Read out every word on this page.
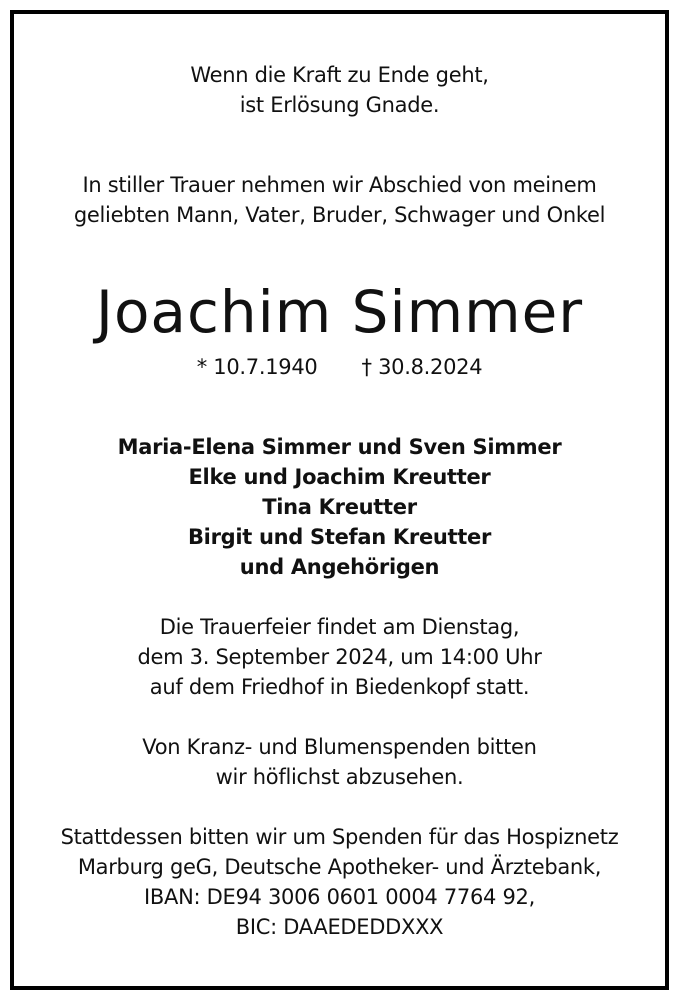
Wenn die Kraft zu Ende geht,
ist Erlösung Gnade.
In stiller Trauer nehmen wir Abschied von meinem
geliebten Mann, Vater, Bruder, Schwager und Onkel
Joachim Simmer
* 10.7.1940 † 30.8.2024
Maria-Elena Simmer und Sven Simmer
Elke und Joachim Kreutter
Tina Kreutter
Birgit und Stefan Kreutter
und Angehörigen
Die Trauerfeier findet am Dienstag,
dem 3. September 2024, um 14:00 Uhr
auf dem Friedhof in Biedenkopf statt.
Von Kranz- und Blumenspenden bitten
wir höflichst abzusehen.
Stattdessen bitten wir um Spenden für das Hospiznetz
Marburg geG, Deutsche Apotheker- und Ärztebank,
IBAN: DE94 3006 0601 0004 7764 92,
BIC: DAAEDEDDXXX
